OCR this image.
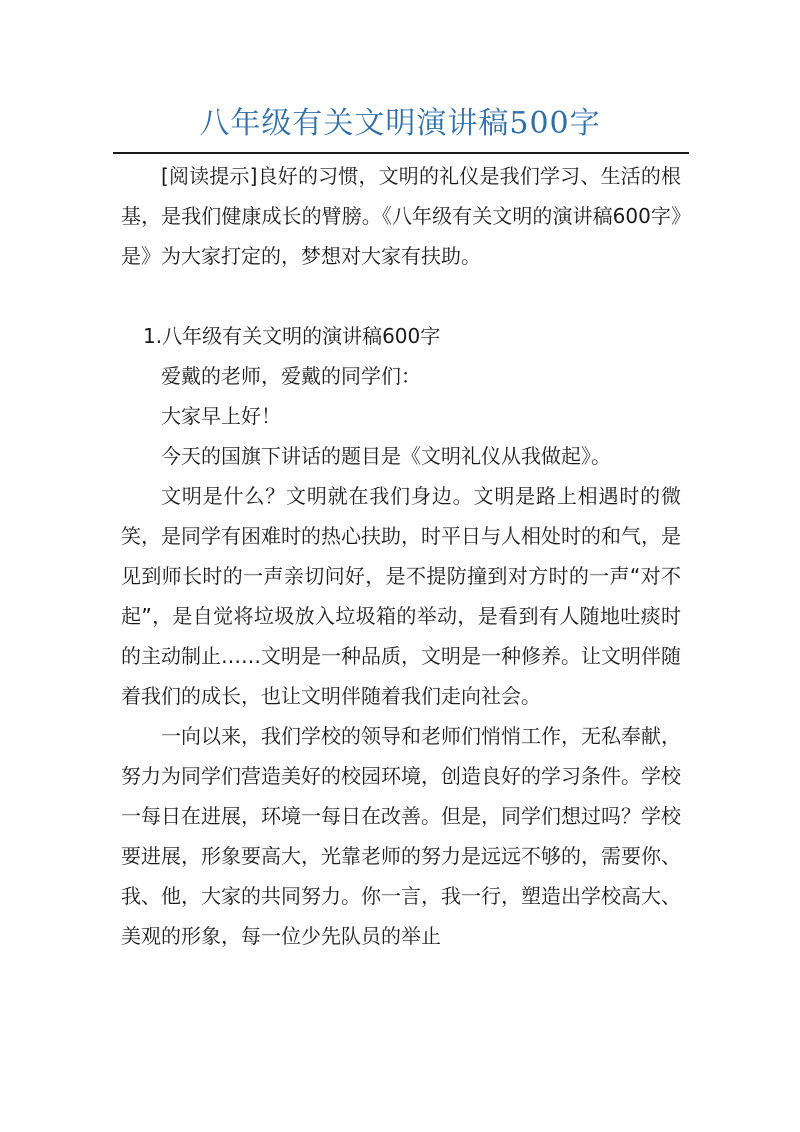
八年级有关文明演讲稿500字

[阅读提示]良好的习惯，文明的礼仪是我们学习、生活的根基，是我们健康成长的臂膀。《八年级有关文明的演讲稿600字》是》为大家打定的，梦想对大家有扶助。

1.八年级有关文明的演讲稿600字

爱戴的老师，爱戴的同学们：

大家早上好！

今天的国旗下讲话的题目是《文明礼仪从我做起》。

文明是什么？文明就在我们身边。文明是路上相遇时的微笑，是同学有困难时的热心扶助，时平日与人相处时的和气，是见到师长时的一声亲切问好，是不提防撞到对方时的一声“对不起”，是自觉将垃圾放入垃圾箱的举动，是看到有人随地吐痰时的主动制止……文明是一种品质，文明是一种修养。让文明伴随着我们的成长，也让文明伴随着我们走向社会。

一向以来，我们学校的领导和老师们悄悄工作，无私奉献，努力为同学们营造美好的校园环境，创造良好的学习条件。学校一每日在进展，环境一每日在改善。但是，同学们想过吗？学校要进展，形象要高大，光靠老师的努力是远远不够的，需要你、我、他，大家的共同努力。你一言，我一行，塑造出学校高大、美观的形象，每一位少先队员的举止
